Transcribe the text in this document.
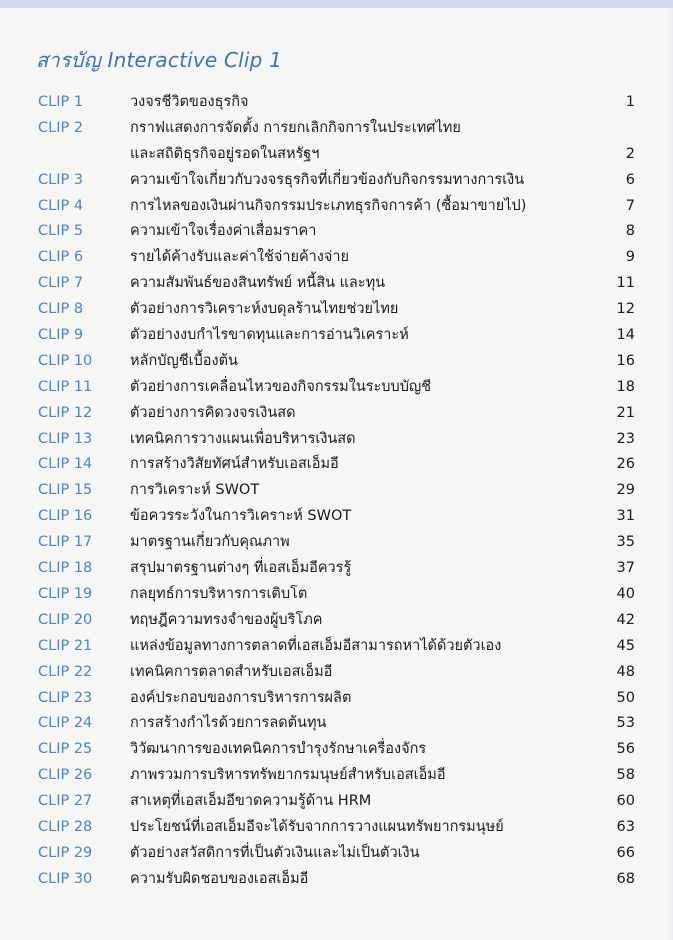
สารบัญ Interactive Clip 1
CLIP 1	วงจรชีวิตของธุรกิจ	1
CLIP 2	กราฟแสดงการจัดตั้ง การยกเลิกกิจการในประเทศไทย
และสถิติธุรกิจอยู่รอดในสหรัฐฯ	2
CLIP 3	ความเข้าใจเกี่ยวกับวงจรธุรกิจที่เกี่ยวข้องกับกิจกรรมทางการเงิน	6
CLIP 4	การไหลของเงินผ่านกิจกรรมประเภทธุรกิจการค้า (ซื้อมาขายไป)	7
CLIP 5	ความเข้าใจเรื่องค่าเสื่อมราคา	8
CLIP 6	รายได้ค้างรับและค่าใช้จ่ายค้างจ่าย	9
CLIP 7	ความสัมพันธ์ของสินทรัพย์ หนี้สิน และทุน	11
CLIP 8	ตัวอย่างการวิเคราะห์งบดุลร้านไทยช่วยไทย	12
CLIP 9	ตัวอย่างงบกำไรขาดทุนและการอ่านวิเคราะห์	14
CLIP 10	หลักบัญชีเบื้องต้น	16
CLIP 11	ตัวอย่างการเคลื่อนไหวของกิจกรรมในระบบบัญชี	18
CLIP 12	ตัวอย่างการคิดวงจรเงินสด	21
CLIP 13	เทคนิคการวางแผนเพื่อบริหารเงินสด	23
CLIP 14	การสร้างวิสัยทัศน์สำหรับเอสเอ็มอี	26
CLIP 15	การวิเคราะห์ SWOT	29
CLIP 16	ข้อควรระวังในการวิเคราะห์ SWOT	31
CLIP 17	มาตรฐานเกี่ยวกับคุณภาพ	35
CLIP 18	สรุปมาตรฐานต่างๆ ที่เอสเอ็มอีควรรู้	37
CLIP 19	กลยุทธ์การบริหารการเติบโต	40
CLIP 20	ทฤษฎีความทรงจำของผู้บริโภค	42
CLIP 21	แหล่งข้อมูลทางการตลาดที่เอสเอ็มอีสามารถหาได้ด้วยตัวเอง	45
CLIP 22	เทคนิคการตลาดสำหรับเอสเอ็มอี	48
CLIP 23	องค์ประกอบของการบริหารการผลิต	50
CLIP 24	การสร้างกำไรด้วยการลดต้นทุน	53
CLIP 25	วิวัฒนาการของเทคนิคการบำรุงรักษาเครื่องจักร	56
CLIP 26	ภาพรวมการบริหารทรัพยากรมนุษย์สำหรับเอสเอ็มอี	58
CLIP 27	สาเหตุที่เอสเอ็มอีขาดความรู้ด้าน HRM	60
CLIP 28	ประโยชน์ที่เอสเอ็มอีจะได้รับจากการวางแผนทรัพยากรมนุษย์	63
CLIP 29	ตัวอย่างสวัสดิการที่เป็นตัวเงินและไม่เป็นตัวเงิน	66
CLIP 30	ความรับผิดชอบของเอสเอ็มอี	68
